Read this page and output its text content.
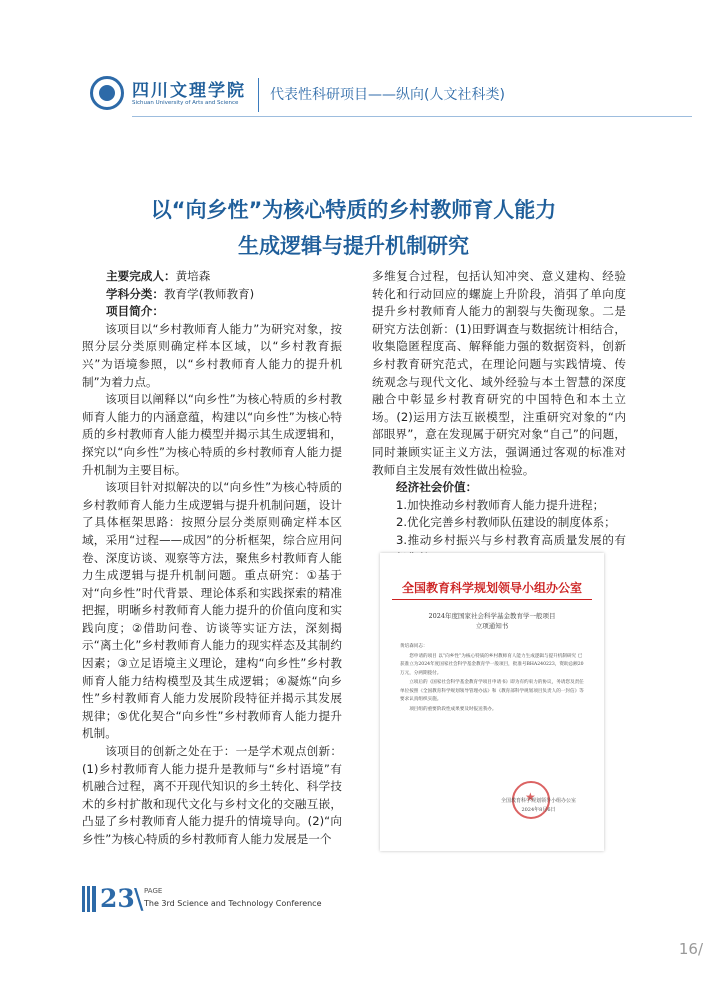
四川文理学院
Sichuan University of Arts and Science 代表性科研项目——纵向(人文社科类)
以“向乡性”为核心特质的乡村教师育人能力
生成逻辑与提升机制研究

主要完成人：黄培森

学科分类：教育学(教师教育)

项目简介：

该项目以“乡村教师育人能力”为研究对象，按照分层分类原则确定样本区域，以“乡村教育振兴”为语境参照，以“乡村教师育人能力的提升机制”为着力点。

该项目以阐释以“向乡性”为核心特质的乡村教师育人能力的内涵意蕴，构建以“向乡性”为核心特质的乡村教师育人能力模型并揭示其生成逻辑和，探究以“向乡性”为核心特质的乡村教师育人能力提升机制为主要目标。

该项目针对拟解决的以“向乡性”为核心特质的乡村教师育人能力生成逻辑与提升机制问题，设计了具体框架思路：按照分层分类原则确定样本区域，采用“过程——成因”的分析框架，综合应用问卷、深度访谈、观察等方法，聚焦乡村教师育人能力生成逻辑与提升机制问题。重点研究：①基于对“向乡性”时代背景、理论体系和实践探索的精准把握，明晰乡村教师育人能力提升的价值向度和实践向度；②借助问卷、访谈等实证方法，深刻揭示“离土化”乡村教师育人能力的现实样态及其制约因素；③立足语境主义理论，建构“向乡性”乡村教师育人能力结构模型及其生成逻辑；④凝炼“向乡性”乡村教师育人能力发展阶段特征并揭示其发展规律；⑤优化契合“向乡性”乡村教师育人能力提升机制。

该项目的创新之处在于：一是学术观点创新：(1)乡村教师育人能力提升是教师与“乡村语境”有机融合过程，离不开现代知识的乡土转化、科学技术的乡村扩散和现代文化与乡村文化的交融互嵌，凸显了乡村教师育人能力提升的情境导向。(2)“向乡性”为核心特质的乡村教师育人能力发展是一个

多维复合过程，包括认知冲突、意义建构、经验转化和行动回应的螺旋上升阶段，消弭了单向度提升乡村教师育人能力的割裂与失衡现象。二是研究方法创新：(1)田野调查与数据统计相结合，收集隐匿程度高、解释能力强的数据资料，创新乡村教育研究范式，在理论问题与实践情境、传统观念与现代文化、域外经验与本土智慧的深度融合中彰显乡村教育研究的中国特色和本土立场。(2)运用方法互嵌模型，注重研究对象的“内部眼界”，意在发现属于研究对象“自己”的问题，同时兼顾实证主义方法，强调通过客观的标准对教师自主发展有效性做出检验。

经济社会价值：

1.加快推动乡村教师育人能力提升进程；

2.优化完善乡村教师队伍建设的制度体系；

3.推动乡村振兴与乡村教育高质量发展的有

全国教育科学规划领导小组办公室
2024年度国家社会科学基金教育学一般项目
立项通知书

黄培森同志：

您申请的项目 以“向乡性”为核心特质的乡村教师育人能力生成逻辑与提升机制研究 已获准立为2024年度国家社会科学基金教育学一般项目，批准号BHA240223，资助总额20万元，分两期拨付。

立项后的《国家社会科学基金教育学项目申请书》即为有约束力的协议，务请您及责任单位按照《全国教育科学规划领导管理办法》和《教育部科学规划项目负责人的一封信》等要求认真组织实施。

项目组的重要阶段性成果要及时报送我办。

★
全国教育科学规划领导小组办公室
2024年8月6日
23 \ PAGE
The 3rd Science and Technology Conference
16/
